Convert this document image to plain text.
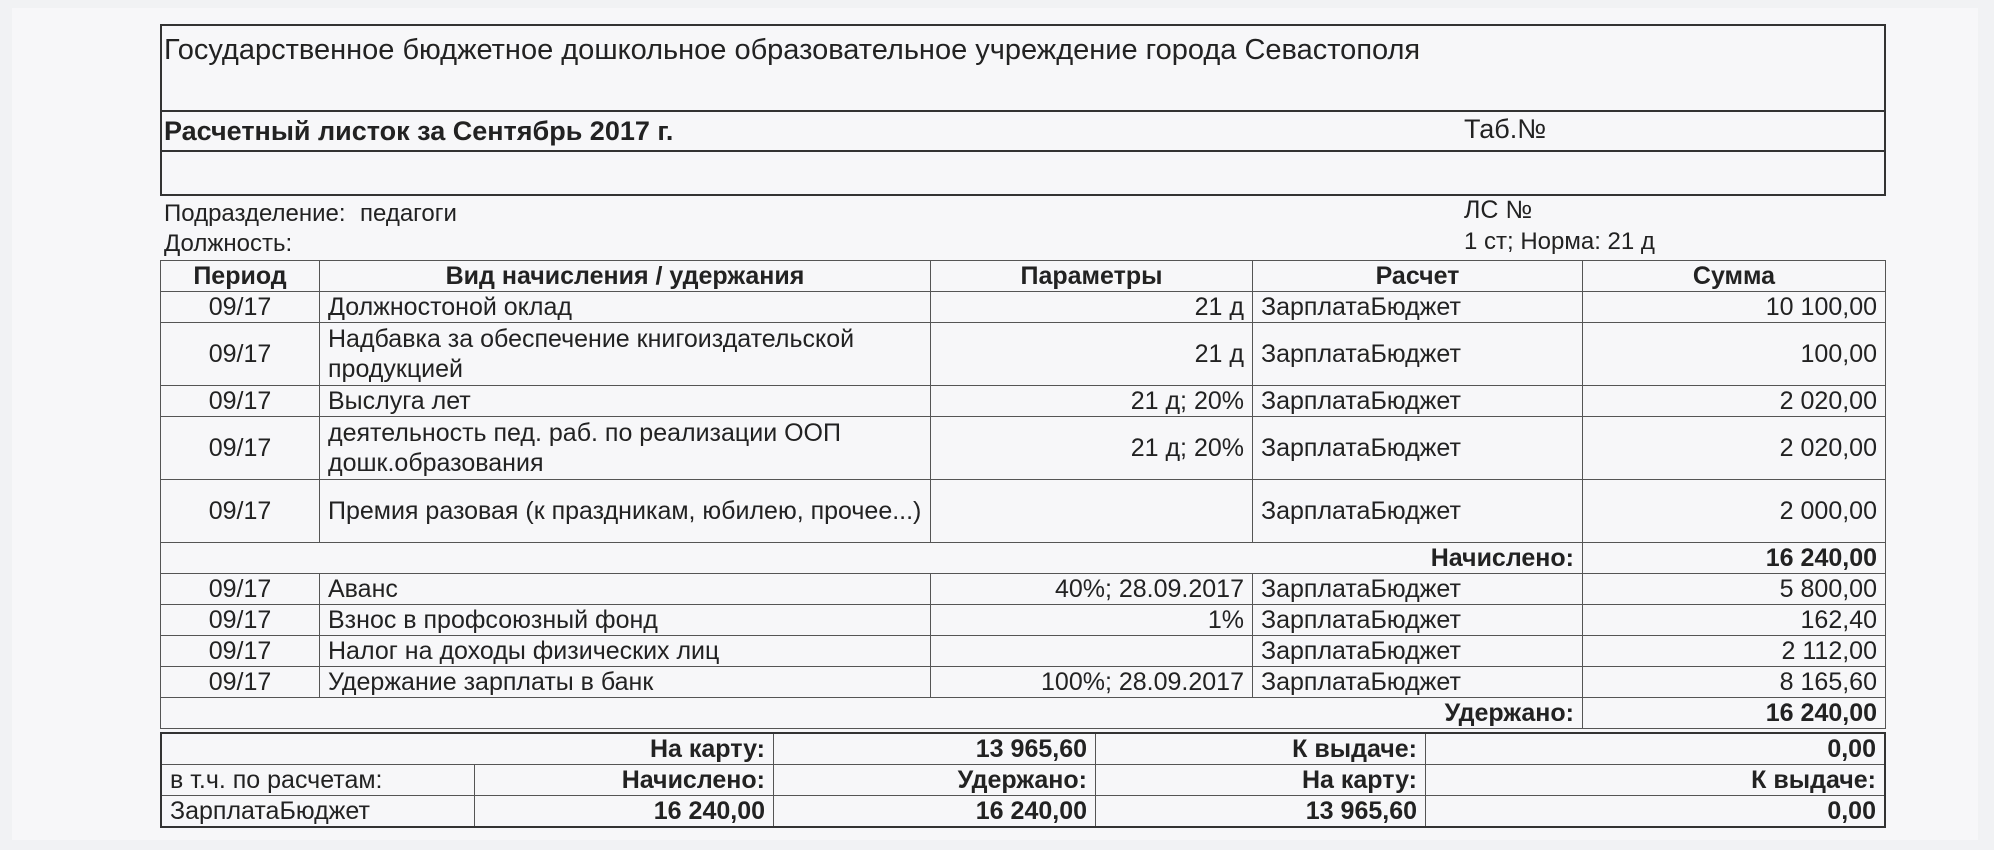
Государственное бюджетное дошкольное образовательное учреждение города Севастополя
Расчетный листок за Сентябрь 2017 г.	Таб.№
Подразделение: педагоги	ЛС №
Должность:	1 ст; Норма: 21 д
Период	Вид начисления / удержания	Параметры	Расчет	Сумма
09/17	Должностоной оклад	21 д	ЗарплатаБюджет	10 100,00
09/17	Надбавка за обеспечение книгоиздательской продукцией	21 д	ЗарплатаБюджет	100,00
09/17	Выслуга лет	21 д; 20%	ЗарплатаБюджет	2 020,00
09/17	деятельность пед. раб. по реализации ООП дошк.образования	21 д; 20%	ЗарплатаБюджет	2 020,00
09/17	Премия разовая (к праздникам, юбилею, прочее...)		ЗарплатаБюджет	2 000,00
Начислено:				16 240,00
09/17	Аванс	40%; 28.09.2017	ЗарплатаБюджет	5 800,00
09/17	Взнос в профсоюзный фонд	1%	ЗарплатаБюджет	162,40
09/17	Налог на доходы физических лиц		ЗарплатаБюджет	2 112,00
09/17	Удержание зарплаты в банк	100%; 28.09.2017	ЗарплатаБюджет	8 165,60
Удержано:				16 240,00
На карту:		13 965,60	К выдаче:	0,00
в т.ч. по расчетам:	Начислено:	Удержано:	На карту:	К выдаче:
ЗарплатаБюджет	16 240,00	16 240,00	13 965,60	0,00
